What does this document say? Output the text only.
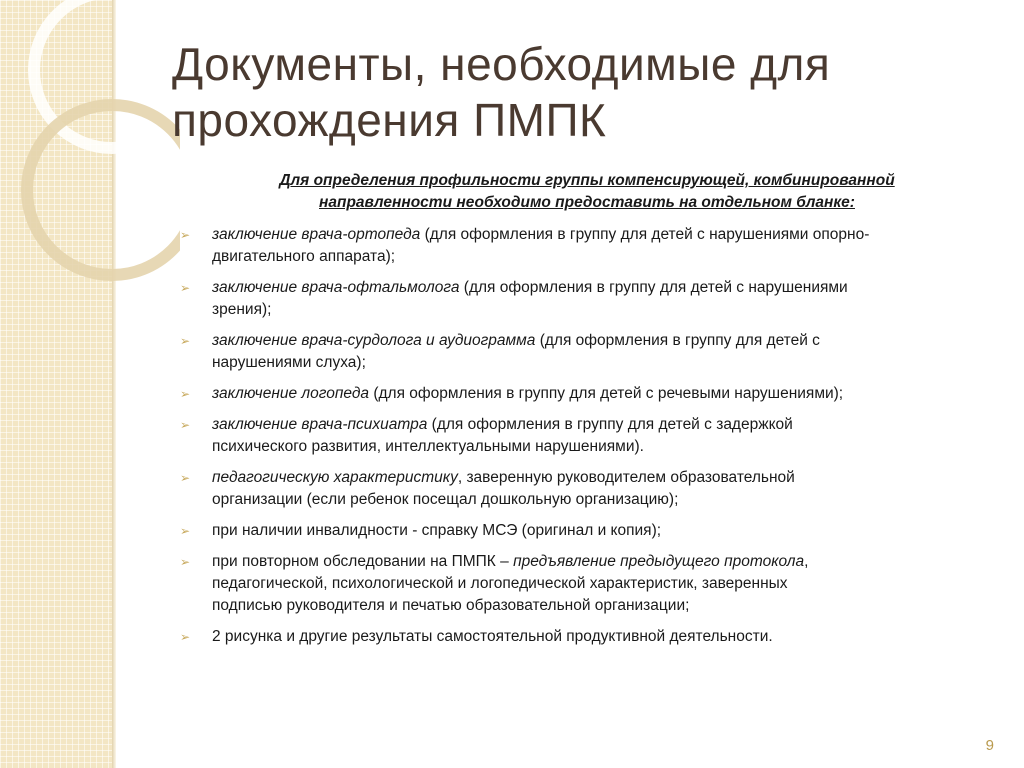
Документы, необходимые для
прохождения ПМПК
Для определения профильности группы компенсирующей, комбинированной
направленности необходимо предоставить на отдельном бланке:
➢ заключение врача-ортопеда (для оформления в группу для детей с нарушениями опорно-
двигательного аппарата);
➢ заключение врача-офтальмолога (для оформления в группу для детей с нарушениями
зрения);
➢ заключение врача-сурдолога и аудиограмма (для оформления в группу для детей с
нарушениями слуха);
➢ заключение логопеда (для оформления в группу для детей с речевыми нарушениями);
➢ заключение врача-психиатра (для оформления в группу для детей с задержкой
психического развития, интеллектуальными нарушениями).
➢ педагогическую характеристику, заверенную руководителем образовательной
организации (если ребенок посещал дошкольную организацию);
➢ при наличии инвалидности - справку МСЭ (оригинал и копия);
➢ при повторном обследовании на ПМПК – предъявление предыдущего протокола,
педагогической, психологической и логопедической характеристик, заверенных
подписью руководителя и печатью образовательной организации;
➢ 2 рисунка и другие результаты самостоятельной продуктивной деятельности.
9
